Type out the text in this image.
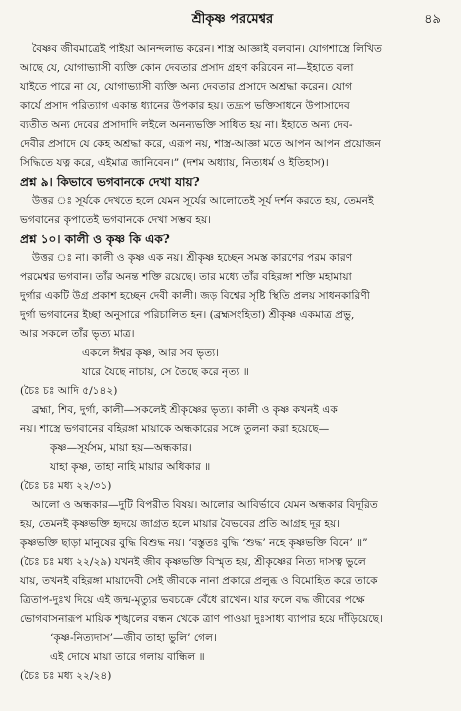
শ্রীকৃষ্ণ পরমেশ্বর	৪৯

বৈষ্ণব জীবমাত্রেই পাইয়া আনন্দলাভ করেন। শাস্ত্র আজ্ঞাই বলবান। যোগশাস্ত্রে লিখিত

আছে যে, যোগাভ্যাসী ব্যক্তি কোন দেবতার প্রসাদ গ্রহণ করিবেন না—ইহাতে বলা

যাইতে পারে না যে, যোগাভ্যাসী ব্যক্তি অন্য দেবতার প্রসাদে অশ্রদ্ধা করেন। যোগ

কার্যে প্রসাদ পরিত্যাগ একান্ত ধ্যানের উপকার হয়। তদ্রূপ ভক্তিসাধনে উপাসাদেব

ব্যতীত অন্য দেবের প্রসাদাদি লইলে অনন্যভক্তি সাধিত হয় না। ইহাতে অন্য দেব-

দেবীর প্রসাদে যে কেহ অশ্রদ্ধা করে, এরূপ নয়, শাস্ত্র-আজ্ঞা মতে আপন আপন প্রয়োজন

সিদ্ধিতে যত্ন করে, এইমাত্র জানিবেন।” (দশম অধ্যায়, নিত্যধর্ম ও ইতিহাস)।

প্রশ্ন ৯। কিভাবে ভগবানকে দেখা যায়?

উত্তর ঃ সূর্যকে দেখতে হলে যেমন সূর্যের আলোতেই সূর্য দর্শন করতে হয়, তেমনই

ভগবানের কৃপাতেই ভগবানকে দেখা সম্ভব হয়।

প্রশ্ন ১০। কালী ও কৃষ্ণ কি এক?

উত্তর ঃ না। কালী ও কৃষ্ণ এক নয়। শ্রীকৃষ্ণ হচ্ছেন সমস্ত কারণের পরম কারণ

পরমেশ্বর ভগবান। তাঁর অনন্ত শক্তি রয়েছে। তার মধ্যে তাঁর বহিরঙ্গা শক্তি মহামায়া

দুর্গার একটি উগ্র প্রকাশ হচ্ছেন দেবী কালী। জড় বিশ্বের সৃষ্টি স্থিতি প্রলয় সাধনকারিণী

দুর্গা ভগবানের ইচ্ছা অনুসারে পরিচালিত হন। (ব্রহ্মসংহিতা) শ্রীকৃষ্ণ একমাত্র প্রভু,

আর সকলে তাঁর ভৃত্য মাত্র।

একলে ঈশ্বর কৃষ্ণ, আর সব ভৃত্য।

যারে যৈছে নাচায়, সে তৈছে করে নৃত্য ॥

(চৈঃ চঃ আদি ৫/১৪২)

ব্রহ্মা, শিব, দুর্গা, কালী—সকলেই শ্রীকৃষ্ণের ভৃত্য। কালী ও কৃষ্ণ কখনই এক

নয়। শাস্ত্রে ভগবানের বহিরঙ্গা মায়াকে অন্ধকারের সঙ্গে তুলনা করা হয়েছে—

কৃষ্ণ—সূর্যসম, মায়া হয়—অন্ধকার।

যাহা কৃষ্ণ, তাহা নাহি মায়ার অধিকার ॥

(চৈঃ চঃ মধ্য ২২/৩১)

আলো ও অন্ধকার—দুটি বিপরীত বিষয়। আলোর আবির্ভাবে যেমন অন্ধকার বিদূরিত

হয়, তেমনই কৃষ্ণভক্তি হৃদয়ে জাগ্রত হলে মায়ার বৈভবের প্রতি আগ্রহ দূর হয়।

কৃষ্ণভক্তি ছাড়া মানুষের বুদ্ধি বিশুদ্ধ নয়। ‘বস্তুতঃ বুদ্ধি ‘শুদ্ধ’ নহে কৃষ্ণভক্তি বিনে’ ॥”

(চৈঃ চঃ মধ্য ২২/২৯) যখনই জীব কৃষ্ণভক্তি বিস্মৃত হয়, শ্রীকৃষ্ণের নিত্য দাসত্ব ভুলে

যায়, তখনই বহিরঙ্গা মায়াদেবী সেই জীবকে নানা প্রকারে প্রলুব্ধ ও বিমোহিত করে তাকে

ত্রিতাপ-দুঃখ দিয়ে এই জন্ম-মৃত্যুর ভবচক্রে বেঁধে রাখেন। যার ফলে বদ্ধ জীবের পক্ষে

ভোগবাসনারূপ মায়িক শৃঙ্খলের বন্ধন খেকে ত্রাণ পাওয়া দুঃসাধ্য ব্যাপার হয়ে দাঁড়িয়েছে।

‘কৃষ্ণ-নিত্যদাস’—জীব তাহা ভুলি’ গেল।

এই দোষে মায়া তারে গলায় বান্ধিল ॥

(চৈঃ চঃ মধ্য ২২/২৪)
